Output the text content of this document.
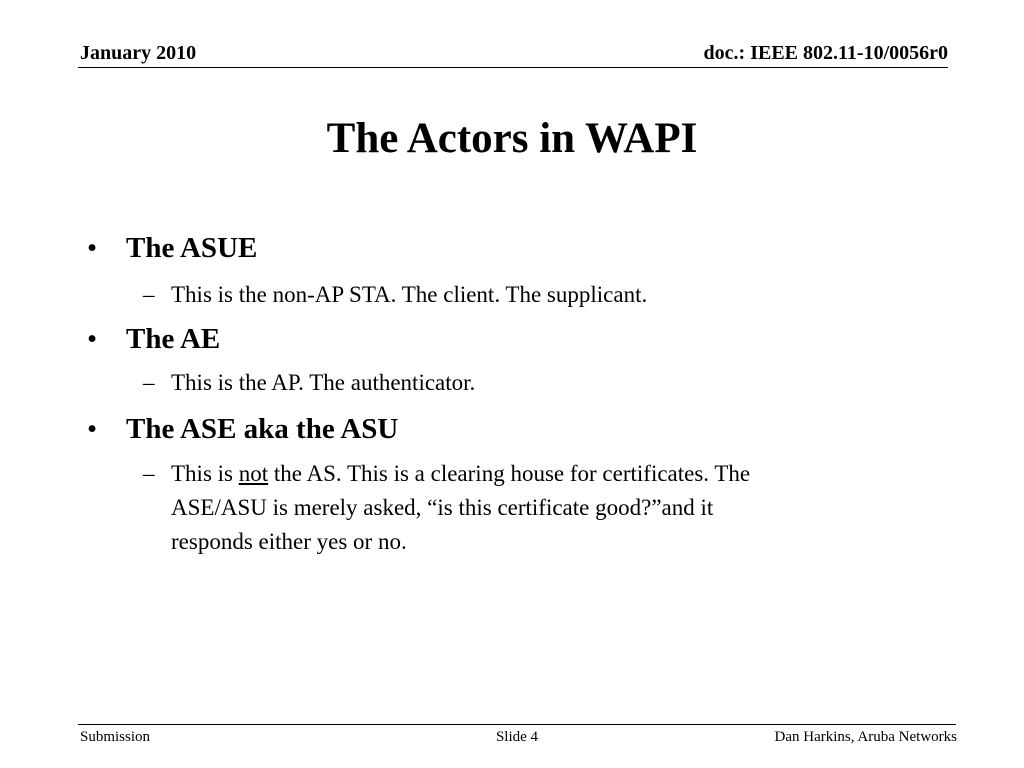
January 2010	doc.: IEEE 802.11-10/0056r0
The Actors in WAPI
• The ASUE
– This is the non-AP STA. The client. The supplicant.
• The AE
– This is the AP. The authenticator.
• The ASE aka the ASU
– This is not the AS. This is a clearing house for certificates. The
ASE/ASU is merely asked, “is this certificate good?”and it
responds either yes or no.
Submission	Slide 4	Dan Harkins, Aruba Networks
